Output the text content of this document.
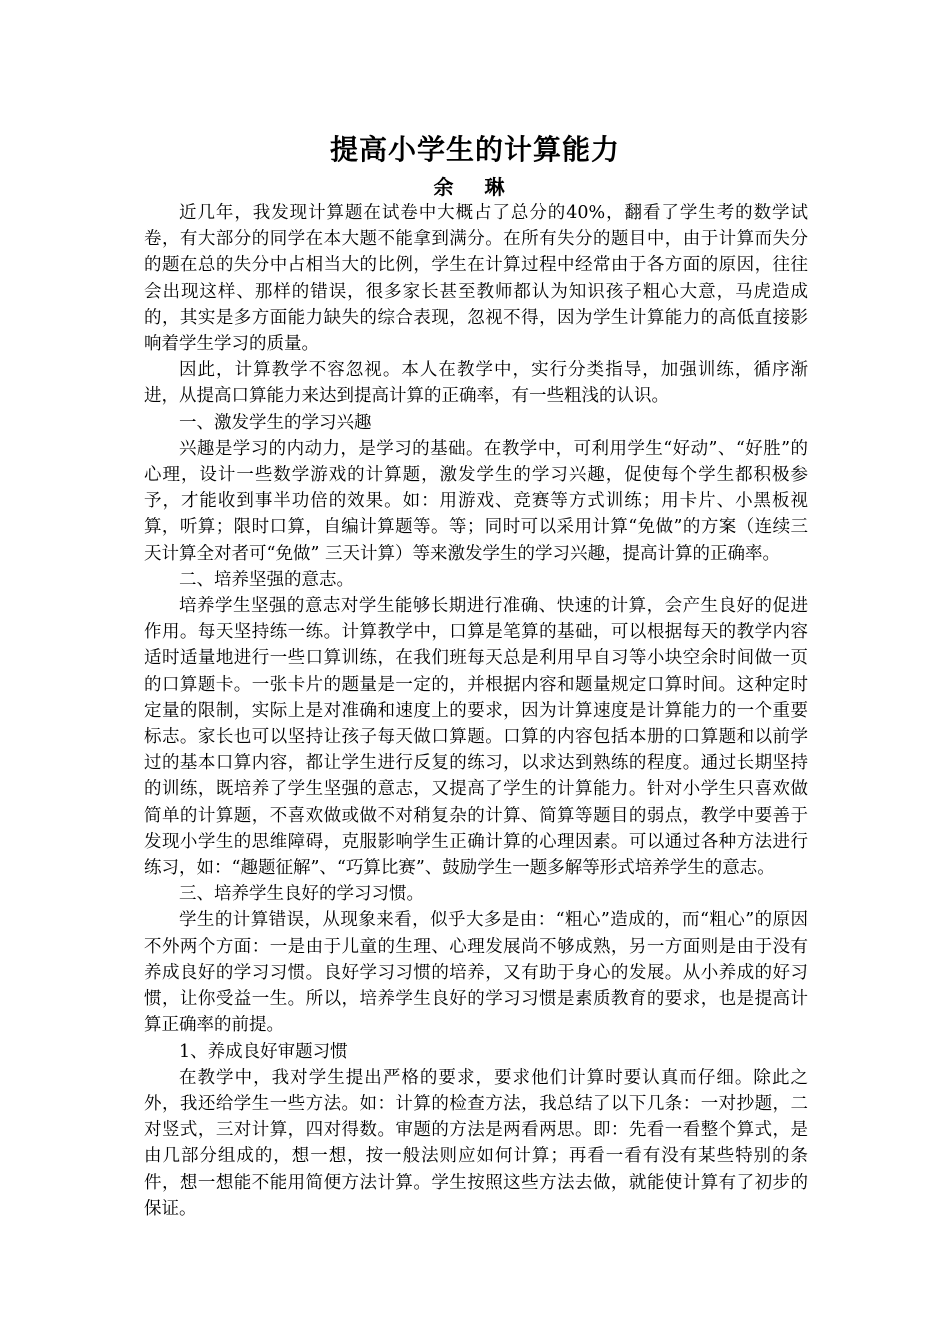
提高小学生的计算能力
余 琳

近几年，我发现计算题在试卷中大概占了总分的40%，翻看了学生考的数学试卷，有大部分的同学在本大题不能拿到满分。在所有失分的题目中，由于计算而失分的题在总的失分中占相当大的比例，学生在计算过程中经常由于各方面的原因，往往会出现这样、那样的错误，很多家长甚至教师都认为知识孩子粗心大意，马虎造成的，其实是多方面能力缺失的综合表现，忽视不得，因为学生计算能力的高低直接影响着学生学习的质量。

因此，计算教学不容忽视。本人在教学中，实行分类指导，加强训练，循序渐进，从提高口算能力来达到提高计算的正确率，有一些粗浅的认识。

一、激发学生的学习兴趣

兴趣是学习的内动力，是学习的基础。在教学中，可利用学生“好动”、“好胜”的心理，设计一些数学游戏的计算题，激发学生的学习兴趣，促使每个学生都积极参予，才能收到事半功倍的效果。如：用游戏、竞赛等方式训练；用卡片、小黑板视算，听算；限时口算，自编计算题等。等；同时可以采用计算“免做”的方案（连续三天计算全对者可“免做” 三天计算）等来激发学生的学习兴趣，提高计算的正确率。

二、培养坚强的意志。

培养学生坚强的意志对学生能够长期进行准确、快速的计算，会产生良好的促进作用。每天坚持练一练。计算教学中，口算是笔算的基础，可以根据每天的教学内容适时适量地进行一些口算训练，在我们班每天总是利用早自习等小块空余时间做一页的口算题卡。一张卡片的题量是一定的，并根据内容和题量规定口算时间。这种定时定量的限制，实际上是对准确和速度上的要求，因为计算速度是计算能力的一个重要标志。家长也可以坚持让孩子每天做口算题。口算的内容包括本册的口算题和以前学过的基本口算内容，都让学生进行反复的练习，以求达到熟练的程度。通过长期坚持的训练，既培养了学生坚强的意志，又提高了学生的计算能力。针对小学生只喜欢做简单的计算题，不喜欢做或做不对稍复杂的计算、简算等题目的弱点，教学中要善于发现小学生的思维障碍，克服影响学生正确计算的心理因素。可以通过各种方法进行练习，如：“趣题征解”、“巧算比赛”、鼓励学生一题多解等形式培养学生的意志。

三、培养学生良好的学习习惯。

学生的计算错误，从现象来看，似乎大多是由：“粗心”造成的，而“粗心”的原因不外两个方面：一是由于儿童的生理、心理发展尚不够成熟，另一方面则是由于没有养成良好的学习习惯。良好学习习惯的培养，又有助于身心的发展。从小养成的好习惯，让你受益一生。所以，培养学生良好的学习习惯是素质教育的要求，也是提高计算正确率的前提。

1、养成良好审题习惯

在教学中，我对学生提出严格的要求，要求他们计算时要认真而仔细。除此之外，我还给学生一些方法。如：计算的检查方法，我总结了以下几条：一对抄题，二对竖式，三对计算，四对得数。审题的方法是两看两思。即：先看一看整个算式，是由几部分组成的，想一想，按一般法则应如何计算；再看一看有没有某些特别的条件，想一想能不能用简便方法计算。学生按照这些方法去做，就能使计算有了初步的保证。
